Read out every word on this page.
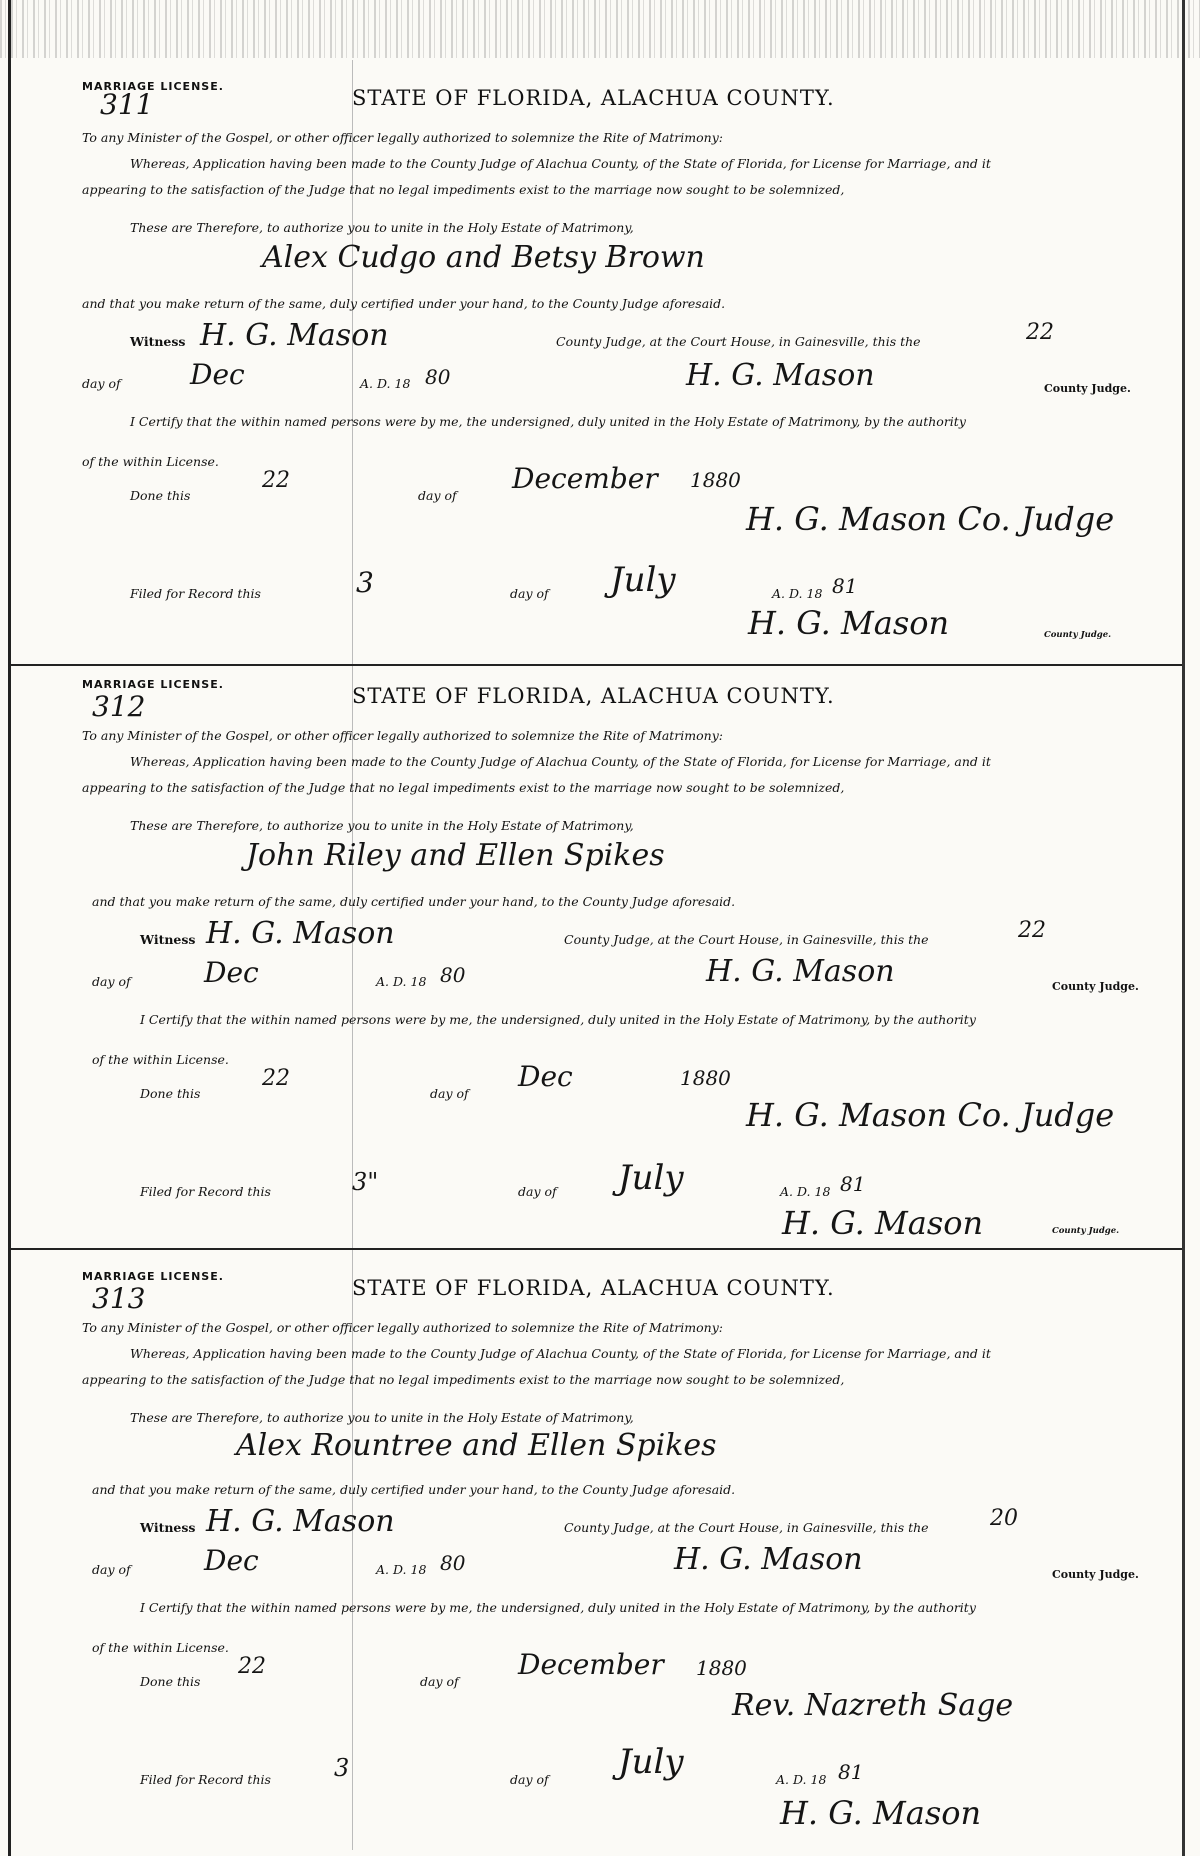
MARRIAGE LICENSE.
311	STATE OF FLORIDA, ALACHUA COUNTY.
To any Minister of the Gospel, or other officer legally authorized to solemnize the Rite of Matrimony:
Whereas, Application having been made to the County Judge of Alachua County, of the State of Florida, for License for Marriage, and it
appearing to the satisfaction of the Judge that no legal impediments exist to the marriage now sought to be solemnized,
These are Therefore, to authorize you to unite in the Holy Estate of Matrimony,
Alex Cudgo and Betsy Brown
and that you make return of the same, duly certified under your hand, to the County Judge aforesaid.
Witness H. G. Mason	County Judge, at the Court House, in Gainesville, this the	22
day of Dec	A. D. 18 80	H. G. Mason	County Judge.
I Certify that the within named persons were by me, the undersigned, duly united in the Holy Estate of Matrimony, by the authority
of the within License.
Done this
22
day of
December 1880
H. G. Mason Co. Judge
Filed for Record this	3	day of July	A. D. 18 81
H. G. Mason	County Judge.
MARRIAGE LICENSE.
312	STATE OF FLORIDA, ALACHUA COUNTY.
To any Minister of the Gospel, or other officer legally authorized to solemnize the Rite of Matrimony:
Whereas, Application having been made to the County Judge of Alachua County, of the State of Florida, for License for Marriage, and it
appearing to the satisfaction of the Judge that no legal impediments exist to the marriage now sought to be solemnized,
These are Therefore, to authorize you to unite in the Holy Estate of Matrimony,
John Riley and Ellen Spikes
and that you make return of the same, duly certified under your hand, to the County Judge aforesaid.
Witness H. G. Mason	County Judge, at the Court House, in Gainesville, this the	22
day of	Dec	A. D. 18 80	H. G. Mason	County Judge.
I Certify that the within named persons were by me, the undersigned, duly united in the Holy Estate of Matrimony, by the authority
of the within License.
Done this
22
day of
Dec	1880
H. G. Mason Co. Judge
Filed for Record this	3"	day of July	A. D. 18 81
H. G. Mason	County Judge.
MARRIAGE LICENSE.
313	STATE OF FLORIDA, ALACHUA COUNTY.
To any Minister of the Gospel, or other officer legally authorized to solemnize the Rite of Matrimony:
Whereas, Application having been made to the County Judge of Alachua County, of the State of Florida, for License for Marriage, and it
appearing to the satisfaction of the Judge that no legal impediments exist to the marriage now sought to be solemnized,
These are Therefore, to authorize you to unite in the Holy Estate of Matrimony,
Alex Rountree and Ellen Spikes
and that you make return of the same, duly certified under your hand, to the County Judge aforesaid.
Witness H. G. Mason	County Judge, at the Court House, in Gainesville, this the	20
day of	Dec	A. D. 18 80	H. G. Mason	County Judge.
I Certify that the within named persons were by me, the undersigned, duly united in the Holy Estate of Matrimony, by the authority
of the within License.
Done this
22
day of
December 1880
Rev. Nazreth Sage
Filed for Record this	3	day of July	A. D. 18 81
H. G. Mason
